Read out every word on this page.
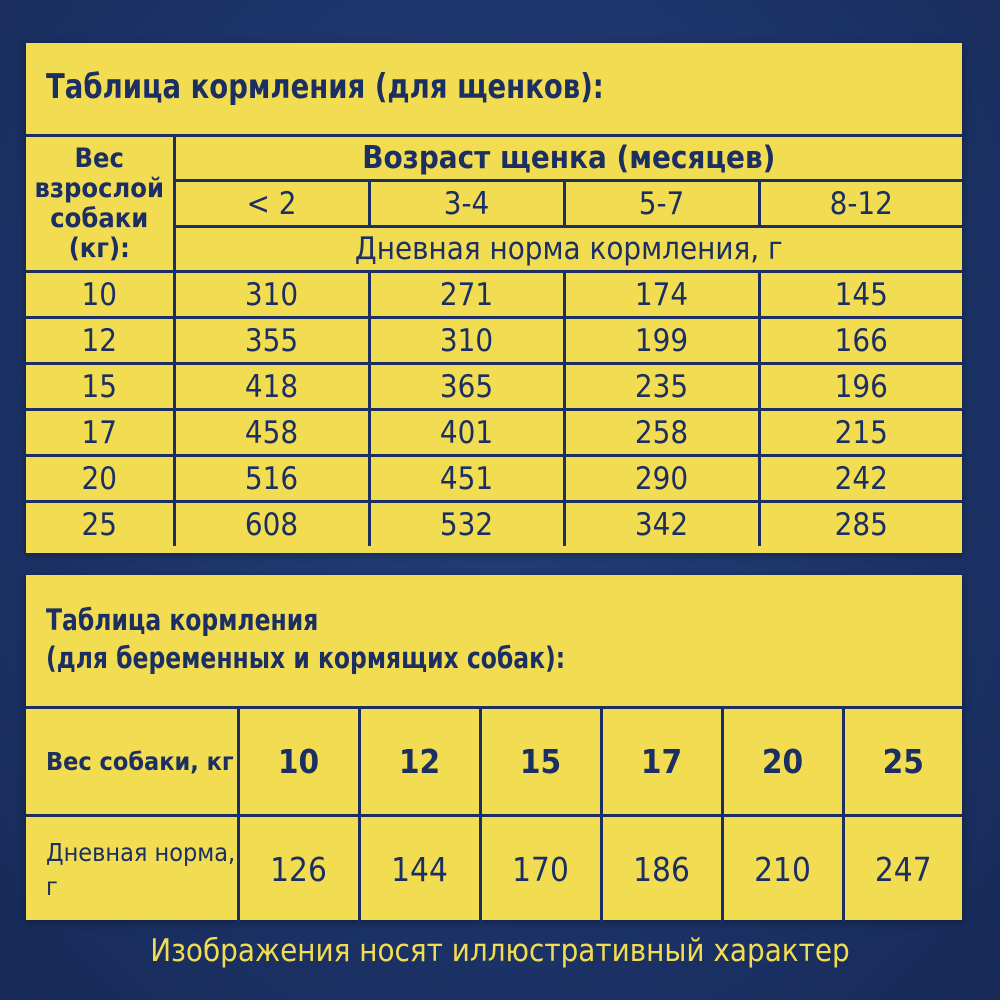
Таблица кормления (для щенков):
Вес взрослой собаки (кг):	Возраст щенка (месяцев)			
	< 2	3-4	5-7	8-12
	Дневная норма кормления, г			
10	310	271	174	145
12	355	310	199	166
15	418	365	235	196
17	458	401	258	215
20	516	451	290	242
25	608	532	342	285
Таблица кормления
(для беременных и кормящих собак):
Вес собаки, кг	10	12	15	17	20	25
Дневная норма, г	126	144	170	186	210	247
Изображения носят иллюстративный характер
